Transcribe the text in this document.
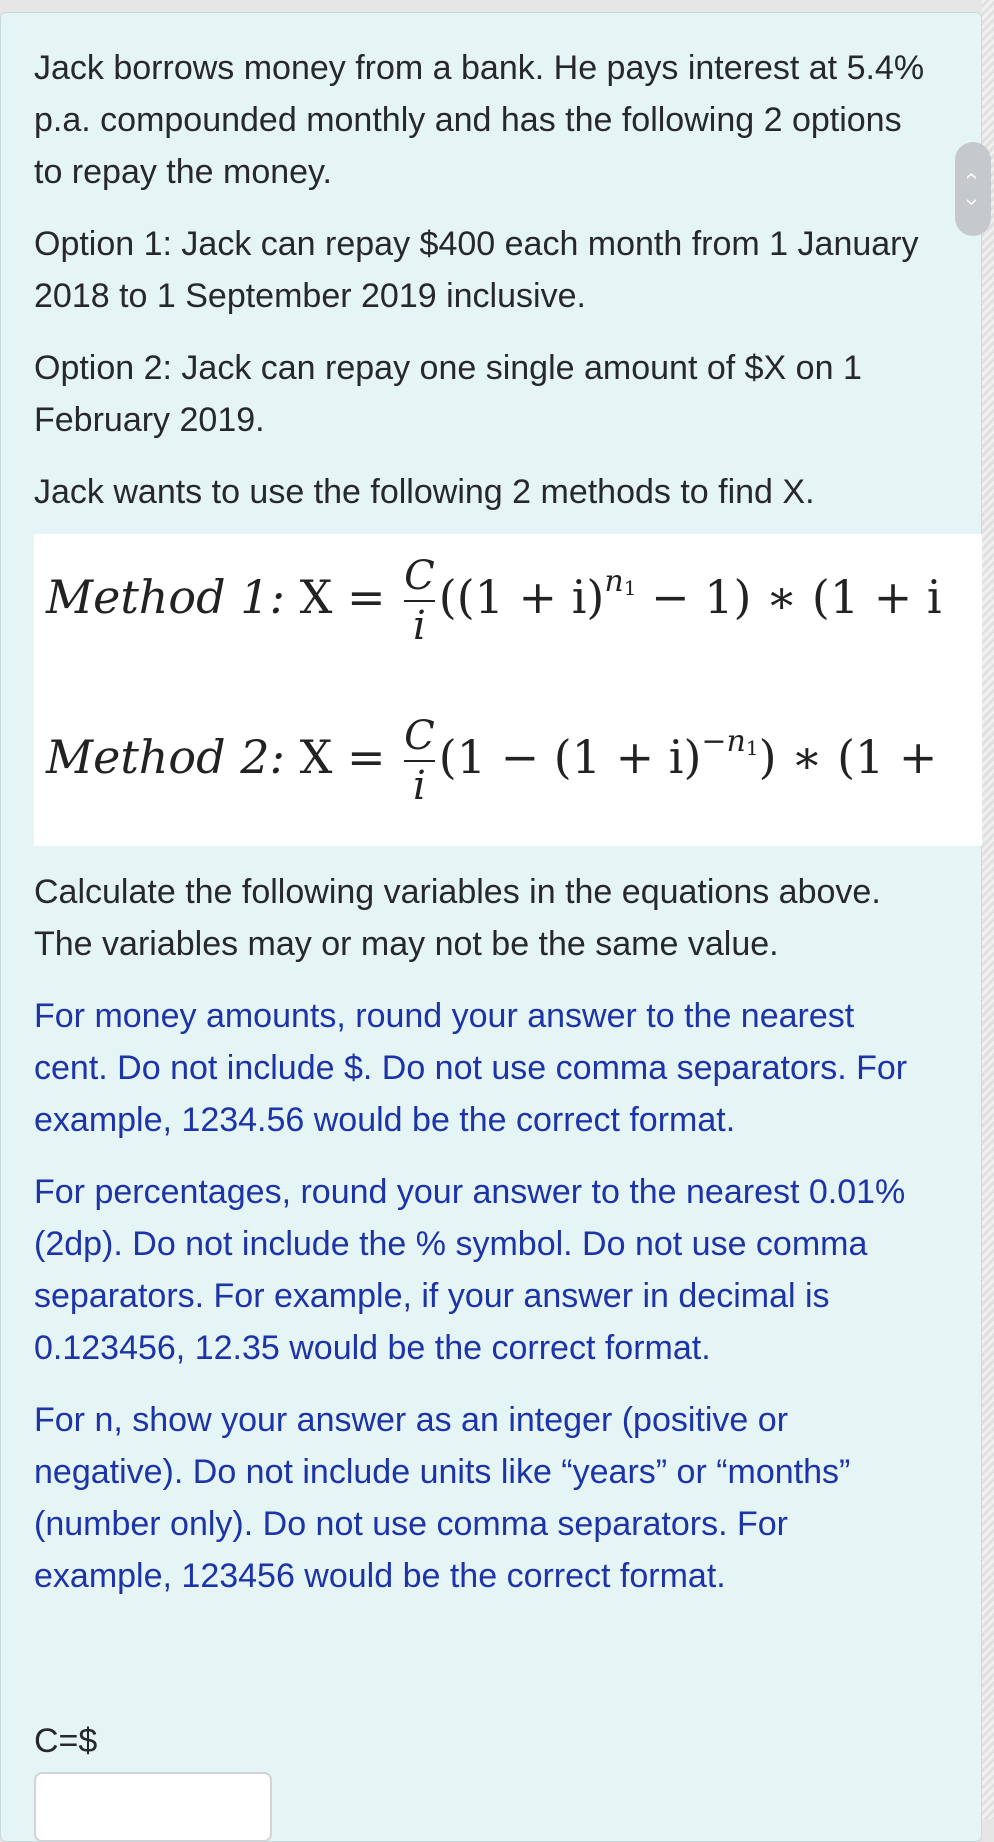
Jack borrows money from a bank. He pays interest at 5.4% p.a. compounded monthly and has the following 2 options to repay the money.

Option 1: Jack can repay $400 each month from 1 January 2018 to 1 September 2019 inclusive.

Option 2: Jack can repay one single amount of $X on 1 February 2019.

Jack wants to use the following 2 methods to find X.

Method 1: $X = \frac{C}{i} ((1 + i)^{n_1} - 1)$ ∗ (1 + i
Method 2: $X = \frac{C}{i} (1 - (1 + i)^{-n_1})$ ∗ (1 +

Calculate the following variables in the equations above. The variables may or may not be the same value.

For money amounts, round your answer to the nearest cent. Do not include $. Do not use comma separators. For example, 1234.56 would be the correct format.

For percentages, round your answer to the nearest 0.01% (2dp). Do not include the % symbol. Do not use comma separators. For example, if your answer in decimal is 0.123456, 12.35 would be the correct format.

For n, show your answer as an integer (positive or negative). Do not include units like “years” or “months” (number only). Do not use comma separators. For example, 123456 would be the correct format.

‹
›
C=$
